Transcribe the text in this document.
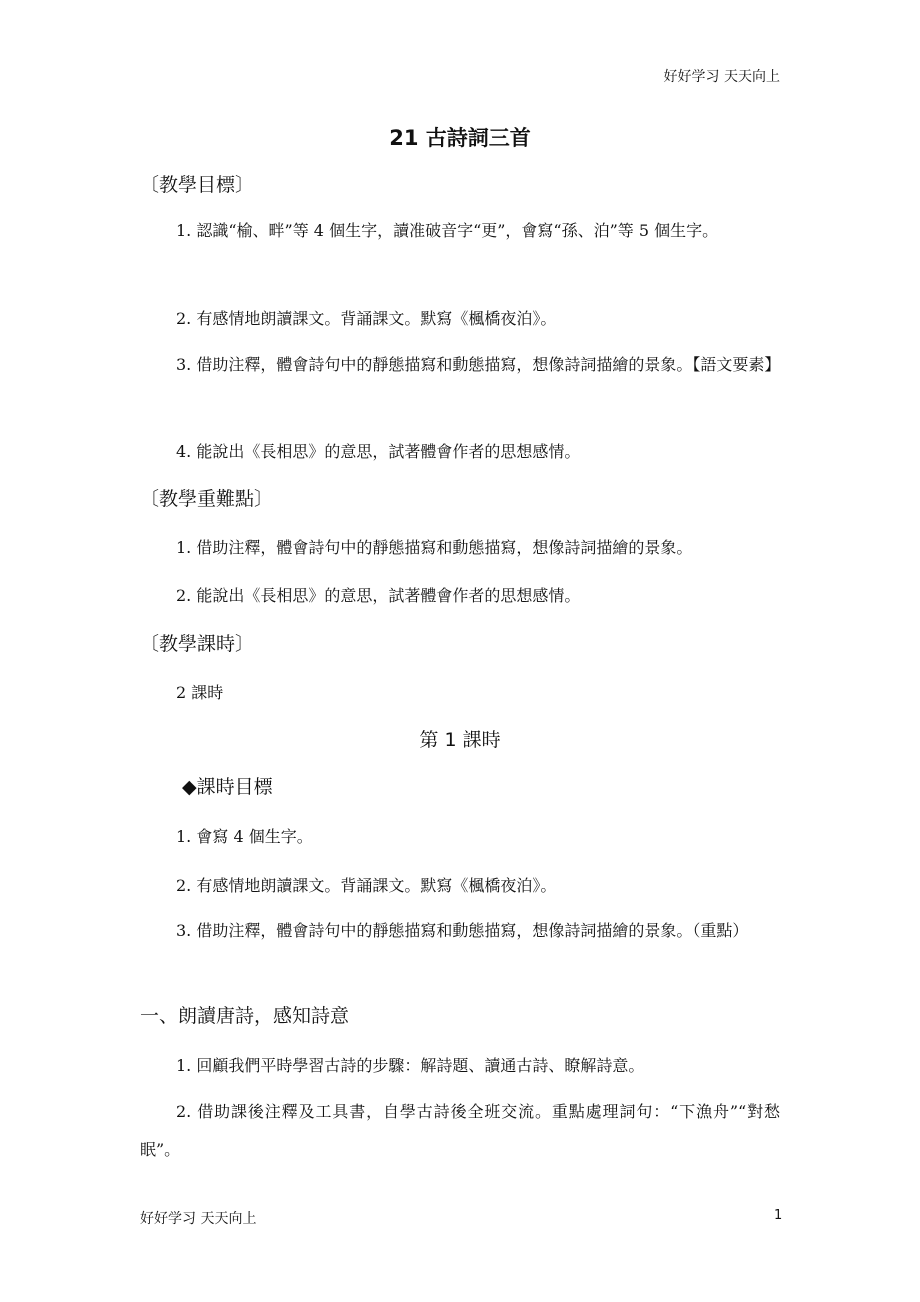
好好学习 天天向上
21 古詩詞三首
〔教學目標〕
1. 認識“榆、畔”等 4 個生字，讀准破音字“更”，會寫“孫、泊”等 5 個生字。
2. 有感情地朗讀課文。背誦課文。默寫《楓橋夜泊》。
3. 借助注釋，體會詩句中的靜態描寫和動態描寫，想像詩詞描繪的景象。【語文要素】
4. 能說出《長相思》的意思，試著體會作者的思想感情。
〔教學重難點〕
1. 借助注釋，體會詩句中的靜態描寫和動態描寫，想像詩詞描繪的景象。
2. 能說出《長相思》的意思，試著體會作者的思想感情。
〔教學課時〕
2 課時
第 1 課時
◆課時目標
1. 會寫 4 個生字。
2. 有感情地朗讀課文。背誦課文。默寫《楓橋夜泊》。
3. 借助注釋，體會詩句中的靜態描寫和動態描寫，想像詩詞描繪的景象。（重點）
一、朗讀唐詩，感知詩意
1. 回顧我們平時學習古詩的步驟：解詩題、讀通古詩、瞭解詩意。
2. 借助課後注釋及工具書，自學古詩後全班交流。重點處理詞句：“下漁舟”“對愁眠”。
好好学习 天天向上	1
